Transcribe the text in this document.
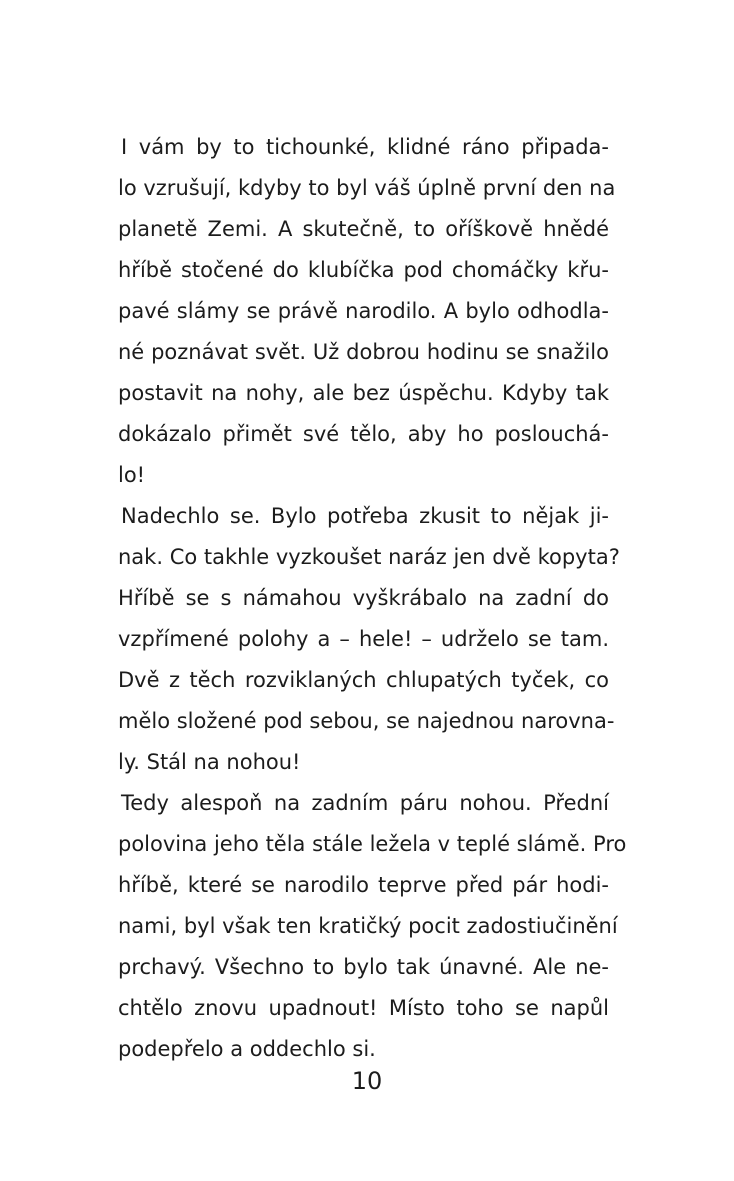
I vám by to tichounké, klidné ráno připada-
lo vzrušují, kdyby to byl váš úplně první den na
planetě Zemi. A skutečně, to oříškově hnědé
hříbě stočené do klubíčka pod chomáčky křu-
pavé slámy se právě narodilo. A bylo odhodla-
né poznávat svět. Už dobrou hodinu se snažilo
postavit na nohy, ale bez úspěchu. Kdyby tak
dokázalo přimět své tělo, aby ho poslouchá-
lo!
Nadechlo se. Bylo potřeba zkusit to nějak ji-
nak. Co takhle vyzkoušet naráz jen dvě kopyta?
Hříbě se s námahou vyškrábalo na zadní do
vzpřímené polohy a – hele! – udrželo se tam.
Dvě z těch rozviklaných chlupatých tyček, co
mělo složené pod sebou, se najednou narovna-
ly. Stál na nohou!
Tedy alespoň na zadním páru nohou. Přední
polovina jeho těla stále ležela v teplé slámě. Pro
hříbě, které se narodilo teprve před pár hodi-
nami, byl však ten kratičký pocit zadostiučinění
prchavý. Všechno to bylo tak únavné. Ale ne-
chtělo znovu upadnout! Místo toho se napůl
podepřelo a oddechlo si.
10
